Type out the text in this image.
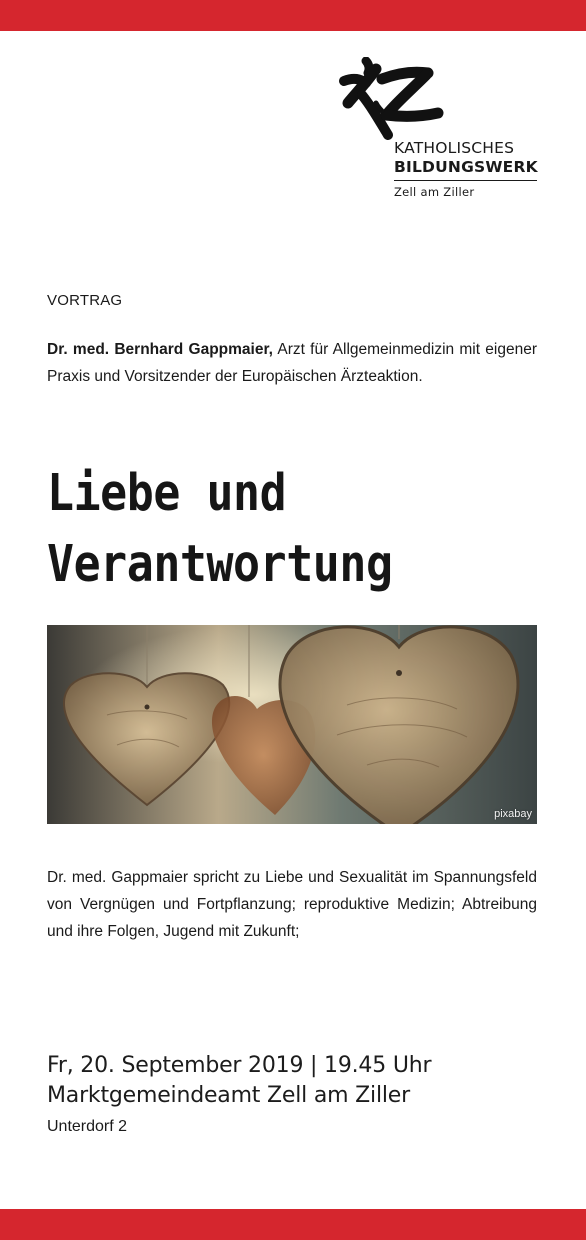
KATHOLISCHES
BILDUNGSWERK
Zell am Ziller
VORTRAG

Dr. med. Bernhard Gappmaier, Arzt für Allgemeinmedizin mit eigener Praxis und Vorsitzender der Europäischen Ärzteaktion.

Liebe und
Verantwortung
pixabay

Dr. med. Gappmaier spricht zu Liebe und Sexualität im Spannungsfeld von Vergnügen und Fortpflanzung; reproduktive Medizin; Abtreibung und ihre Folgen, Jugend mit Zukunft;

Fr, 20. September 2019 | 19.45 Uhr
Marktgemeindeamt Zell am Ziller
Unterdorf 2
